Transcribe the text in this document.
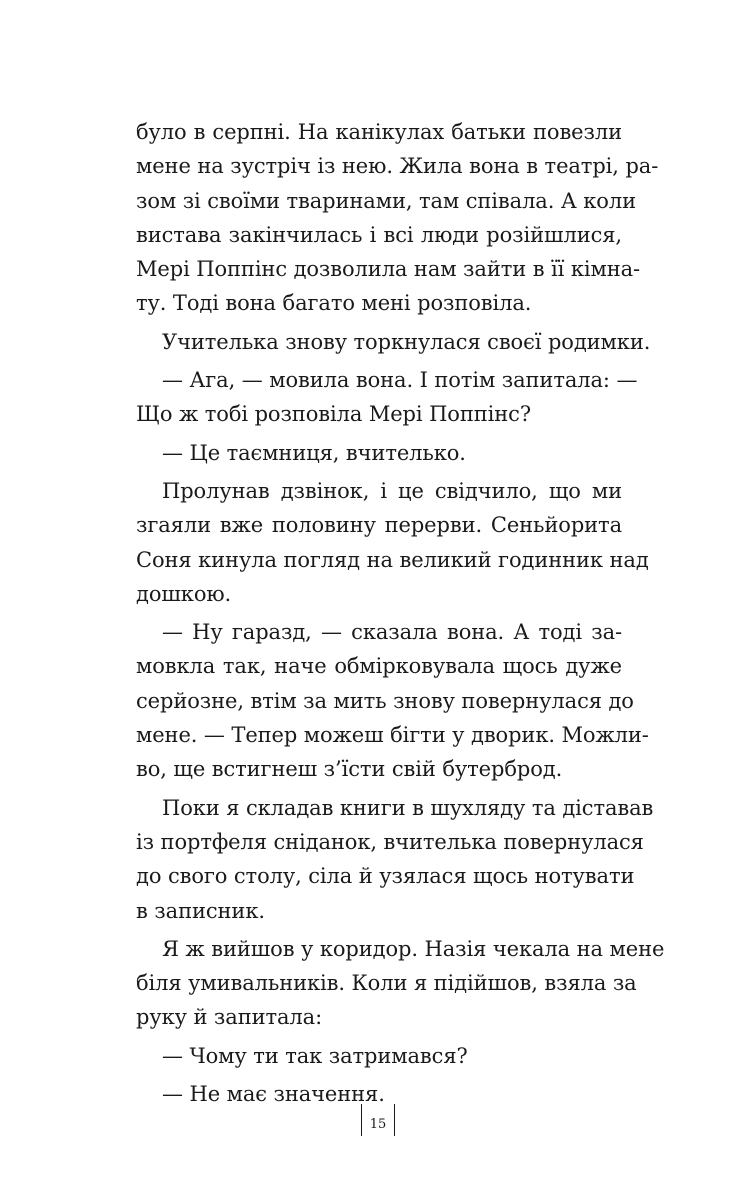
було в серпні. На канікулах батьки повезли
мене на зустріч із нею. Жила вона в театрі, ра-
зом зі своїми тваринами, там співала. А коли
вистава закінчилась і всі люди розійшлися,
Мері Поппінс дозволила нам зайти в її кімна-
ту. Тоді вона багато мені розповіла.
Учителька знову торкнулася своєї родимки.
— Ага, — мовила вона. І потім запитала: —
Що ж тобі розповіла Мері Поппінс?
— Це таємниця, вчителько.
Пролунав дзвінок, і це свідчило, що ми
згаяли вже половину перерви. Сеньйорита
Соня кинула погляд на великий годинник над
дошкою.
— Ну гаразд, — сказала вона. А тоді за-
мовкла так, наче обмірковувала щось дуже
серйозне, втім за мить знову повернулася до
мене. — Тепер можеш бігти у дворик. Можли-
во, ще встигнеш з’їсти свій бутерброд.
Поки я складав книги в шухляду та діставав
із портфеля сніданок, вчителька повернулася
до свого столу, сіла й узялася щось нотувати
в записник.
Я ж вийшов у коридор. Назія чекала на мене
біля умивальників. Коли я підійшов, взяла за
руку й запитала:
— Чому ти так затримався?
— Не має значення.
15
